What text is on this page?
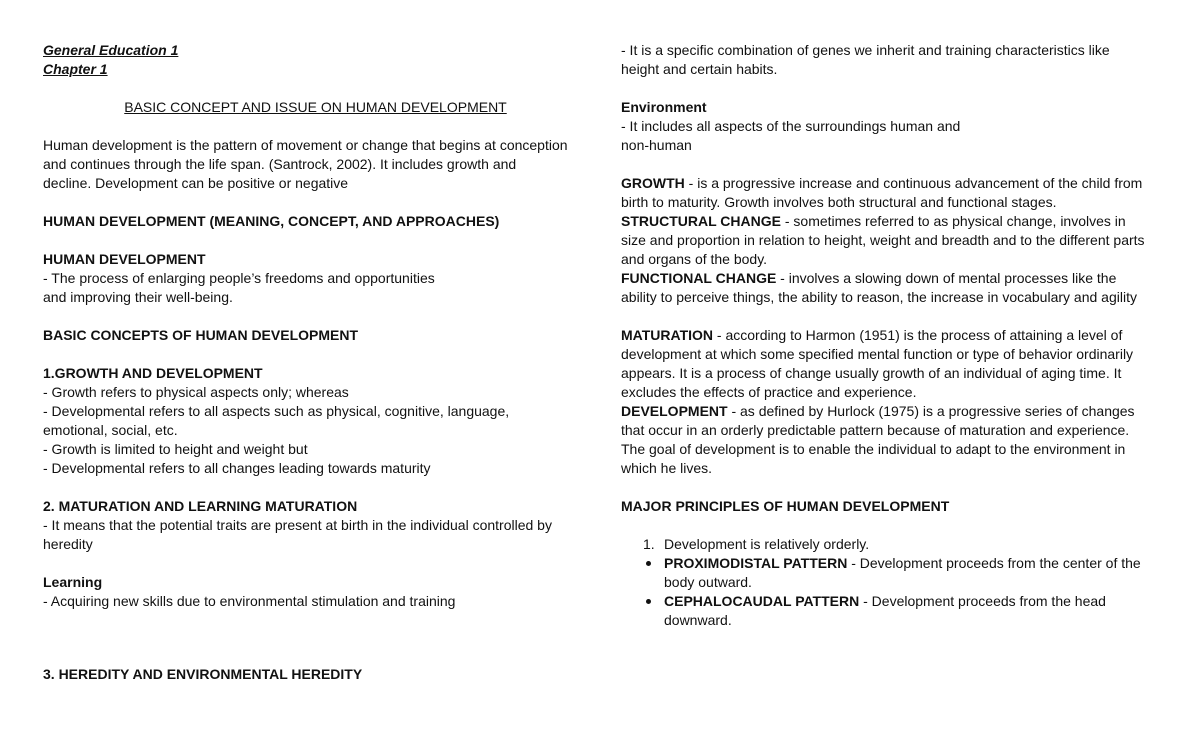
General Education 1

Chapter 1

BASIC CONCEPT AND ISSUE ON HUMAN DEVELOPMENT

Human development is the pattern of movement or change that begins at conception

and continues through the life span. (Santrock, 2002). It includes growth and

decline. Development can be positive or negative

HUMAN DEVELOPMENT (MEANING, CONCEPT, AND APPROACHES)

HUMAN DEVELOPMENT

- The process of enlarging people’s freedoms and opportunities

and improving their well-being.

BASIC CONCEPTS OF HUMAN DEVELOPMENT

1.GROWTH AND DEVELOPMENT

- Growth refers to physical aspects only; whereas

- Developmental refers to all aspects such as physical, cognitive, language,

emotional, social, etc.

- Growth is limited to height and weight but

- Developmental refers to all changes leading towards maturity

2. MATURATION AND LEARNING MATURATION

- It means that the potential traits are present at birth in the individual controlled by

heredity

Learning

- Acquiring new skills due to environmental stimulation and training

3. HEREDITY AND ENVIRONMENTAL HEREDITY

- It is a specific combination of genes we inherit and training characteristics like

height and certain habits.

Environment

- It includes all aspects of the surroundings human and

non-human

GROWTH - is a progressive increase and continuous advancement of the child from

birth to maturity. Growth involves both structural and functional stages.

STRUCTURAL CHANGE - sometimes referred to as physical change, involves in

size and proportion in relation to height, weight and breadth and to the different parts

and organs of the body.

FUNCTIONAL CHANGE - involves a slowing down of mental processes like the

ability to perceive things, the ability to reason, the increase in vocabulary and agility

MATURATION - according to Harmon (1951) is the process of attaining a level of

development at which some specified mental function or type of behavior ordinarily

appears. It is a process of change usually growth of an individual of aging time. It

excludes the effects of practice and experience.

DEVELOPMENT - as defined by Hurlock (1975) is a progressive series of changes

that occur in an orderly predictable pattern because of maturation and experience.

The goal of development is to enable the individual to adapt to the environment in

which he lives.

MAJOR PRINCIPLES OF HUMAN DEVELOPMENT

1. Development is relatively orderly.
PROXIMODISTAL PATTERN - Development proceeds from the center of the
body outward.
CEPHALOCAUDAL PATTERN - Development proceeds from the head
downward.
